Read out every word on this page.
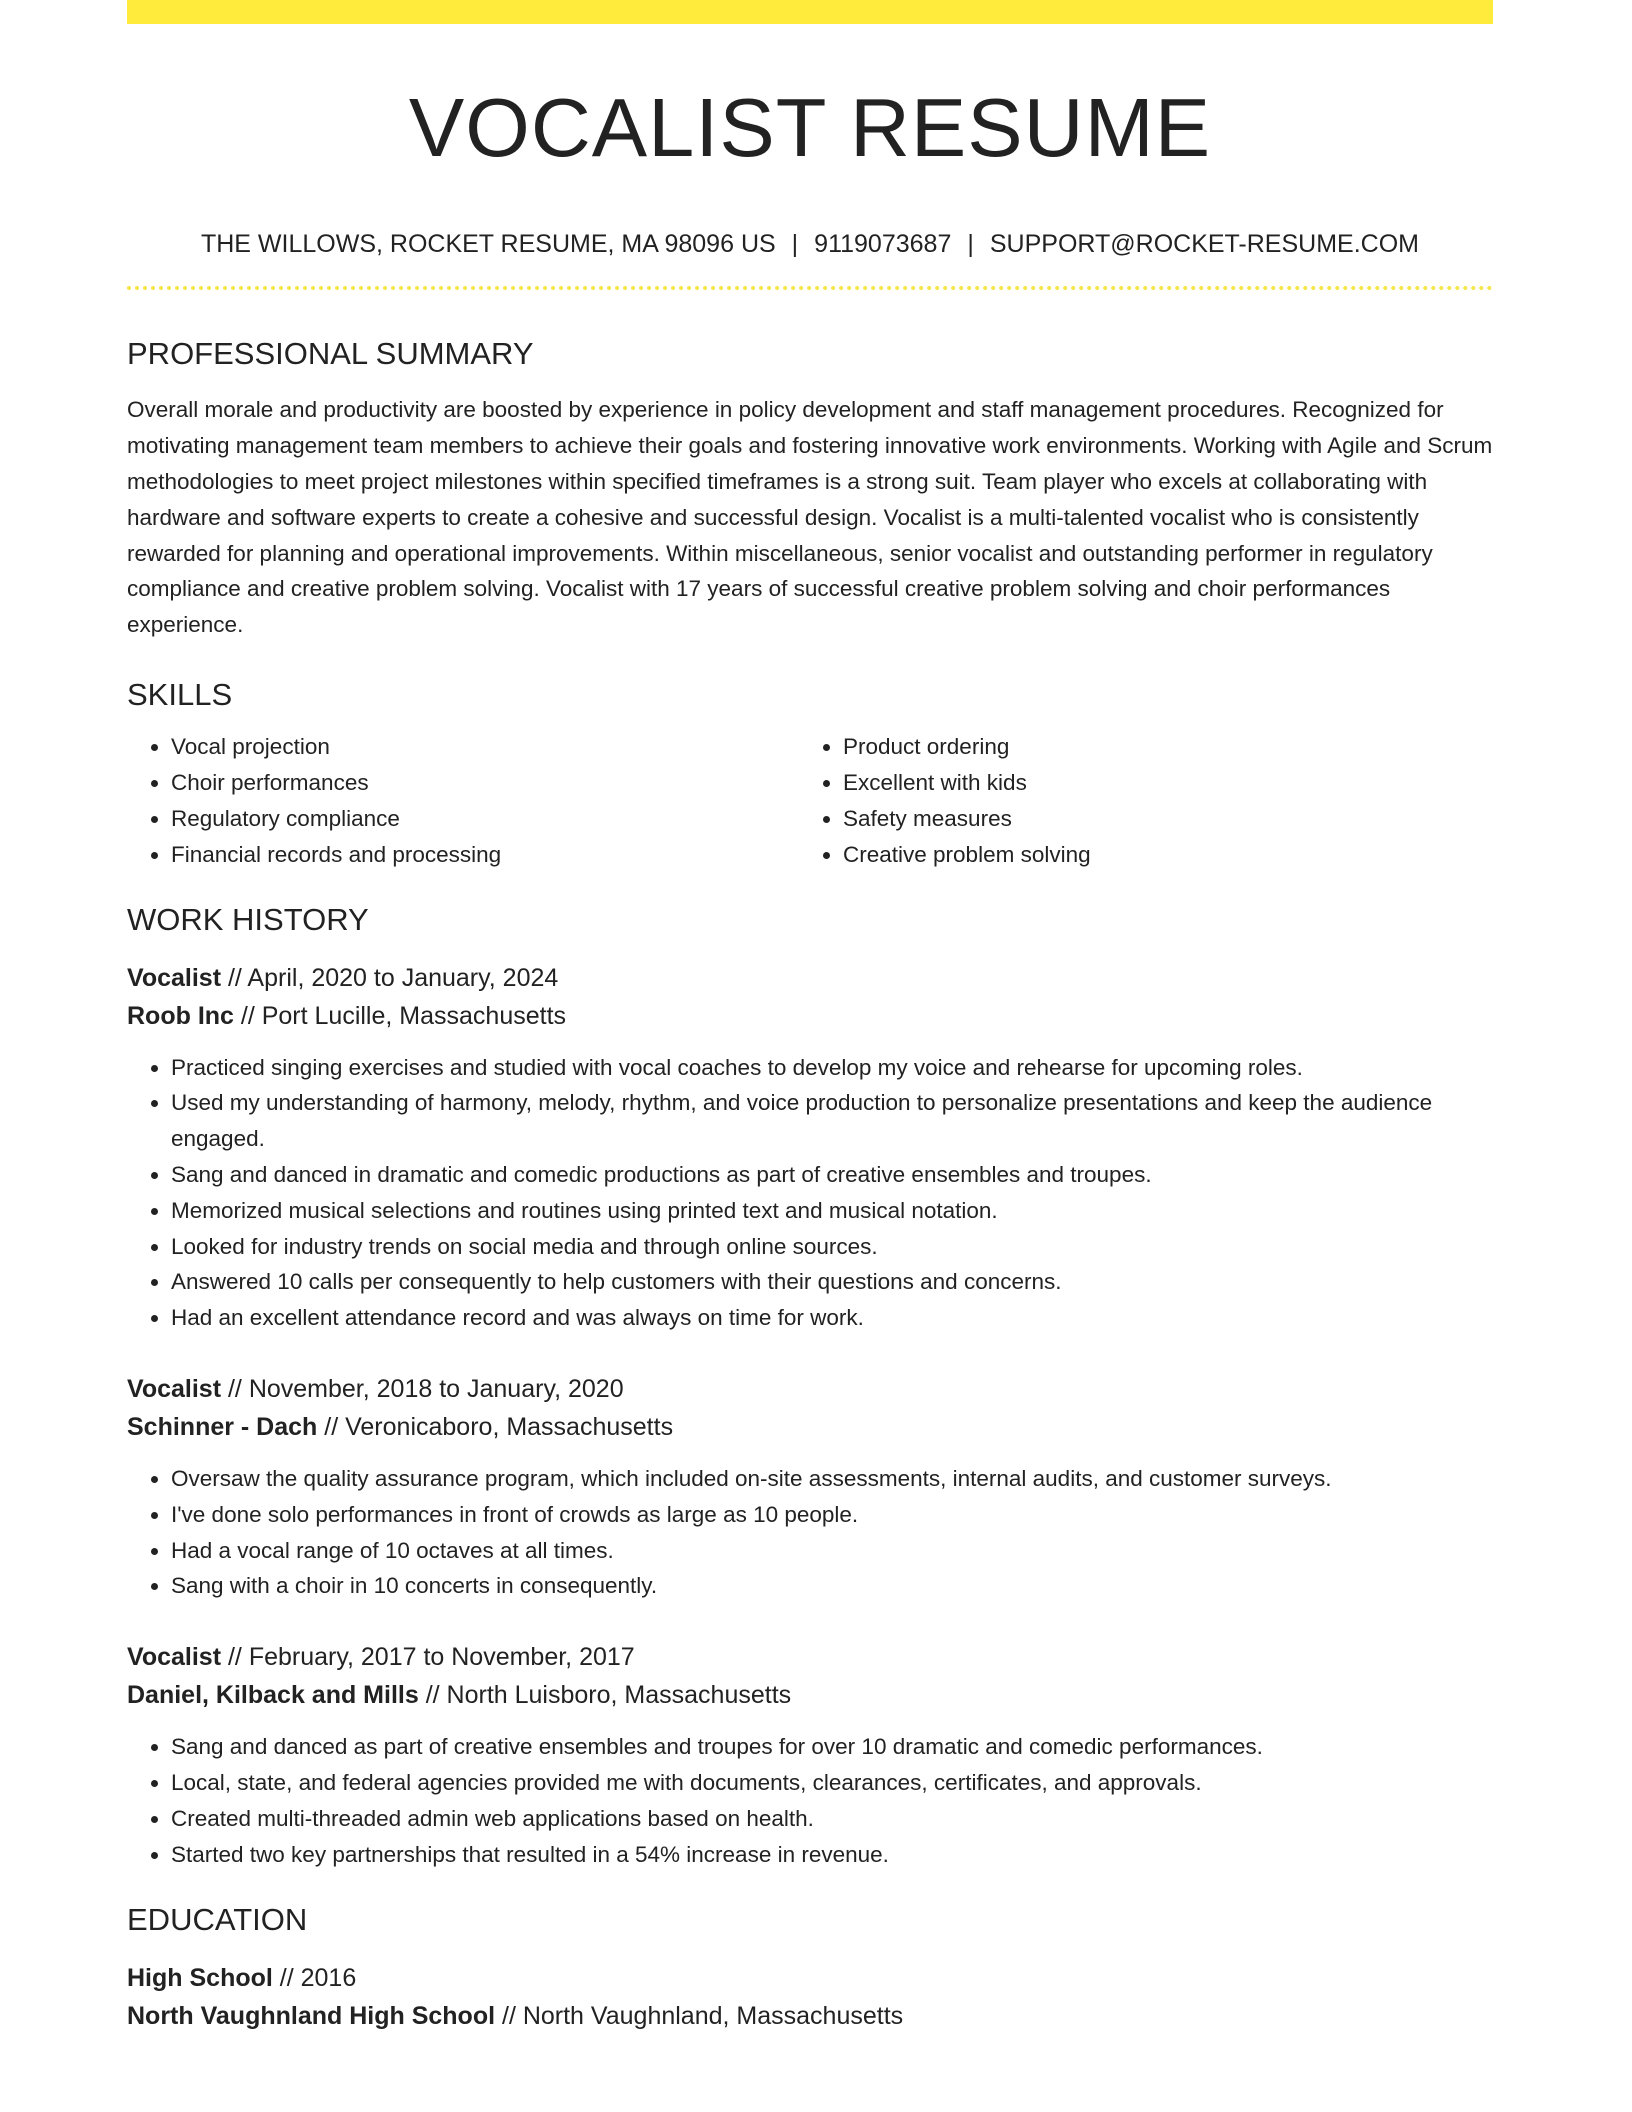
VOCALIST RESUME
THE WILLOWS, ROCKET RESUME, MA 98096 US | 9119073687 | SUPPORT@ROCKET-RESUME.COM
PROFESSIONAL SUMMARY

Overall morale and productivity are boosted by experience in policy development and staff management procedures. Recognized for motivating management team members to achieve their goals and fostering innovative work environments. Working with Agile and Scrum methodologies to meet project milestones within specified timeframes is a strong suit. Team player who excels at collaborating with hardware and software experts to create a cohesive and successful design. Vocalist is a multi-talented vocalist who is consistently rewarded for planning and operational improvements. Within miscellaneous, senior vocalist and outstanding performer in regulatory compliance and creative problem solving. Vocalist with 17 years of successful creative problem solving and choir performances experience.

SKILLS
• Vocal projection
• Choir performances
• Regulatory compliance
• Financial records and processing
• Product ordering
• Excellent with kids
• Safety measures
• Creative problem solving
WORK HISTORY

Vocalist // April, 2020 to January, 2024

Roob Inc // Port Lucille, Massachusetts

• Practiced singing exercises and studied with vocal coaches to develop my voice and rehearse for upcoming roles.
• Used my understanding of harmony, melody, rhythm, and voice production to personalize presentations and keep the audience engaged.
• Sang and danced in dramatic and comedic productions as part of creative ensembles and troupes.
• Memorized musical selections and routines using printed text and musical notation.
• Looked for industry trends on social media and through online sources.
• Answered 10 calls per consequently to help customers with their questions and concerns.
• Had an excellent attendance record and was always on time for work.

Vocalist // November, 2018 to January, 2020

Schinner - Dach // Veronicaboro, Massachusetts

• Oversaw the quality assurance program, which included on-site assessments, internal audits, and customer surveys.
• I've done solo performances in front of crowds as large as 10 people.
• Had a vocal range of 10 octaves at all times.
• Sang with a choir in 10 concerts in consequently.

Vocalist // February, 2017 to November, 2017

Daniel, Kilback and Mills // North Luisboro, Massachusetts

• Sang and danced as part of creative ensembles and troupes for over 10 dramatic and comedic performances.
• Local, state, and federal agencies provided me with documents, clearances, certificates, and approvals.
• Created multi-threaded admin web applications based on health.
• Started two key partnerships that resulted in a 54% increase in revenue.
EDUCATION

High School // 2016

North Vaughnland High School // North Vaughnland, Massachusetts
